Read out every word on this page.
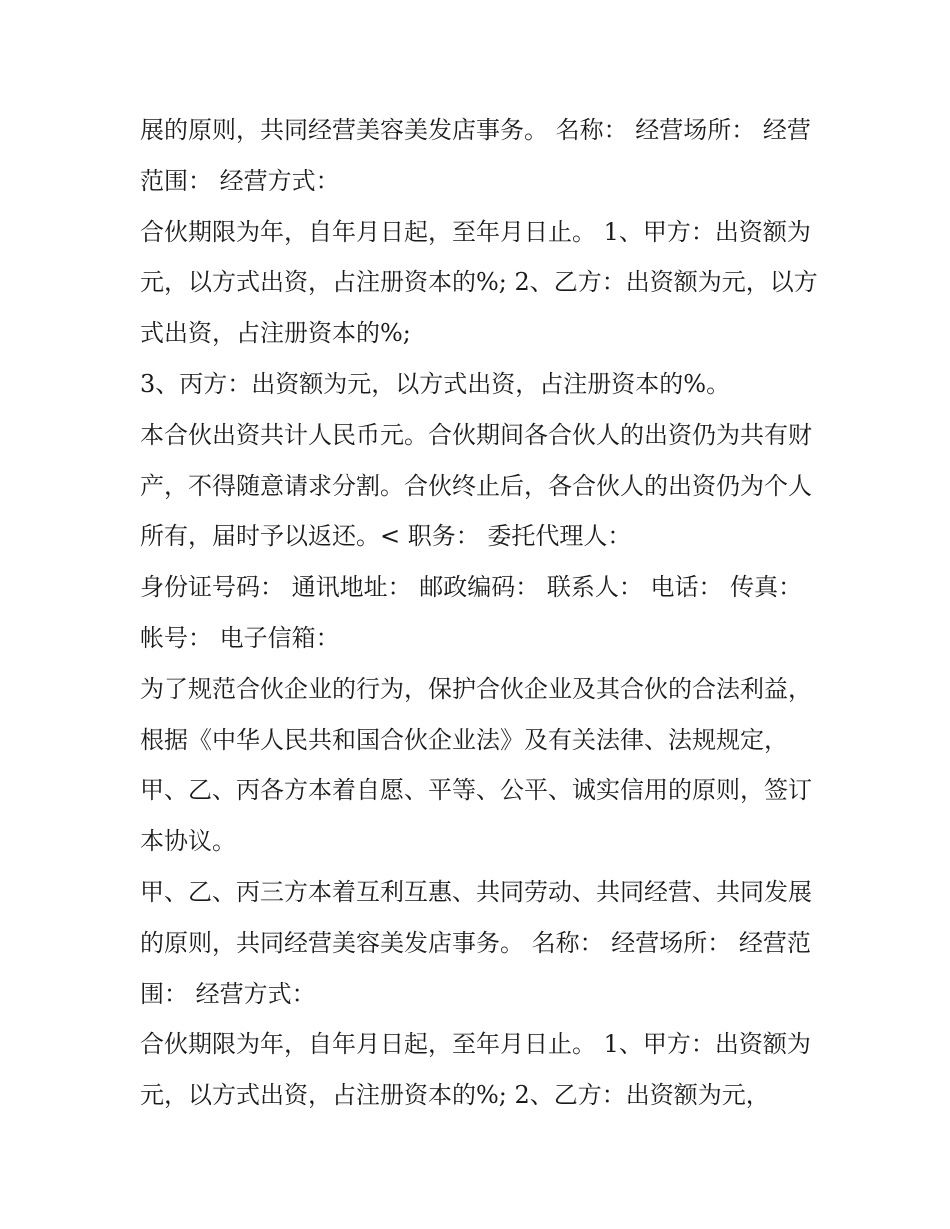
展的原则，共同经营美容美发店事务。 名称： 经营场所： 经营范围： 经营方式：

合伙期限为年，自年月日起，至年月日止。 1、甲方：出资额为元，以方式出资，占注册资本的%; 2、乙方：出资额为元，以方式出资，占注册资本的%;

3、丙方：出资额为元，以方式出资，占注册资本的%。

本合伙出资共计人民币元。合伙期间各合伙人的出资仍为共有财产，不得随意请求分割。合伙终止后，各合伙人的出资仍为个人所有，届时予以返还。< 职务： 委托代理人：

身份证号码： 通讯地址： 邮政编码： 联系人： 电话： 传真： 帐号： 电子信箱：

为了规范合伙企业的行为，保护合伙企业及其合伙的合法利益，根据《中华人民共和国合伙企业法》及有关法律、法规规定，甲、乙、丙各方本着自愿、平等、公平、诚实信用的原则，签订本协议。

甲、乙、丙三方本着互利互惠、共同劳动、共同经营、共同发展的原则，共同经营美容美发店事务。 名称： 经营场所： 经营范围： 经营方式：

合伙期限为年，自年月日起，至年月日止。 1、甲方：出资额为元，以方式出资，占注册资本的%; 2、乙方：出资额为元，
